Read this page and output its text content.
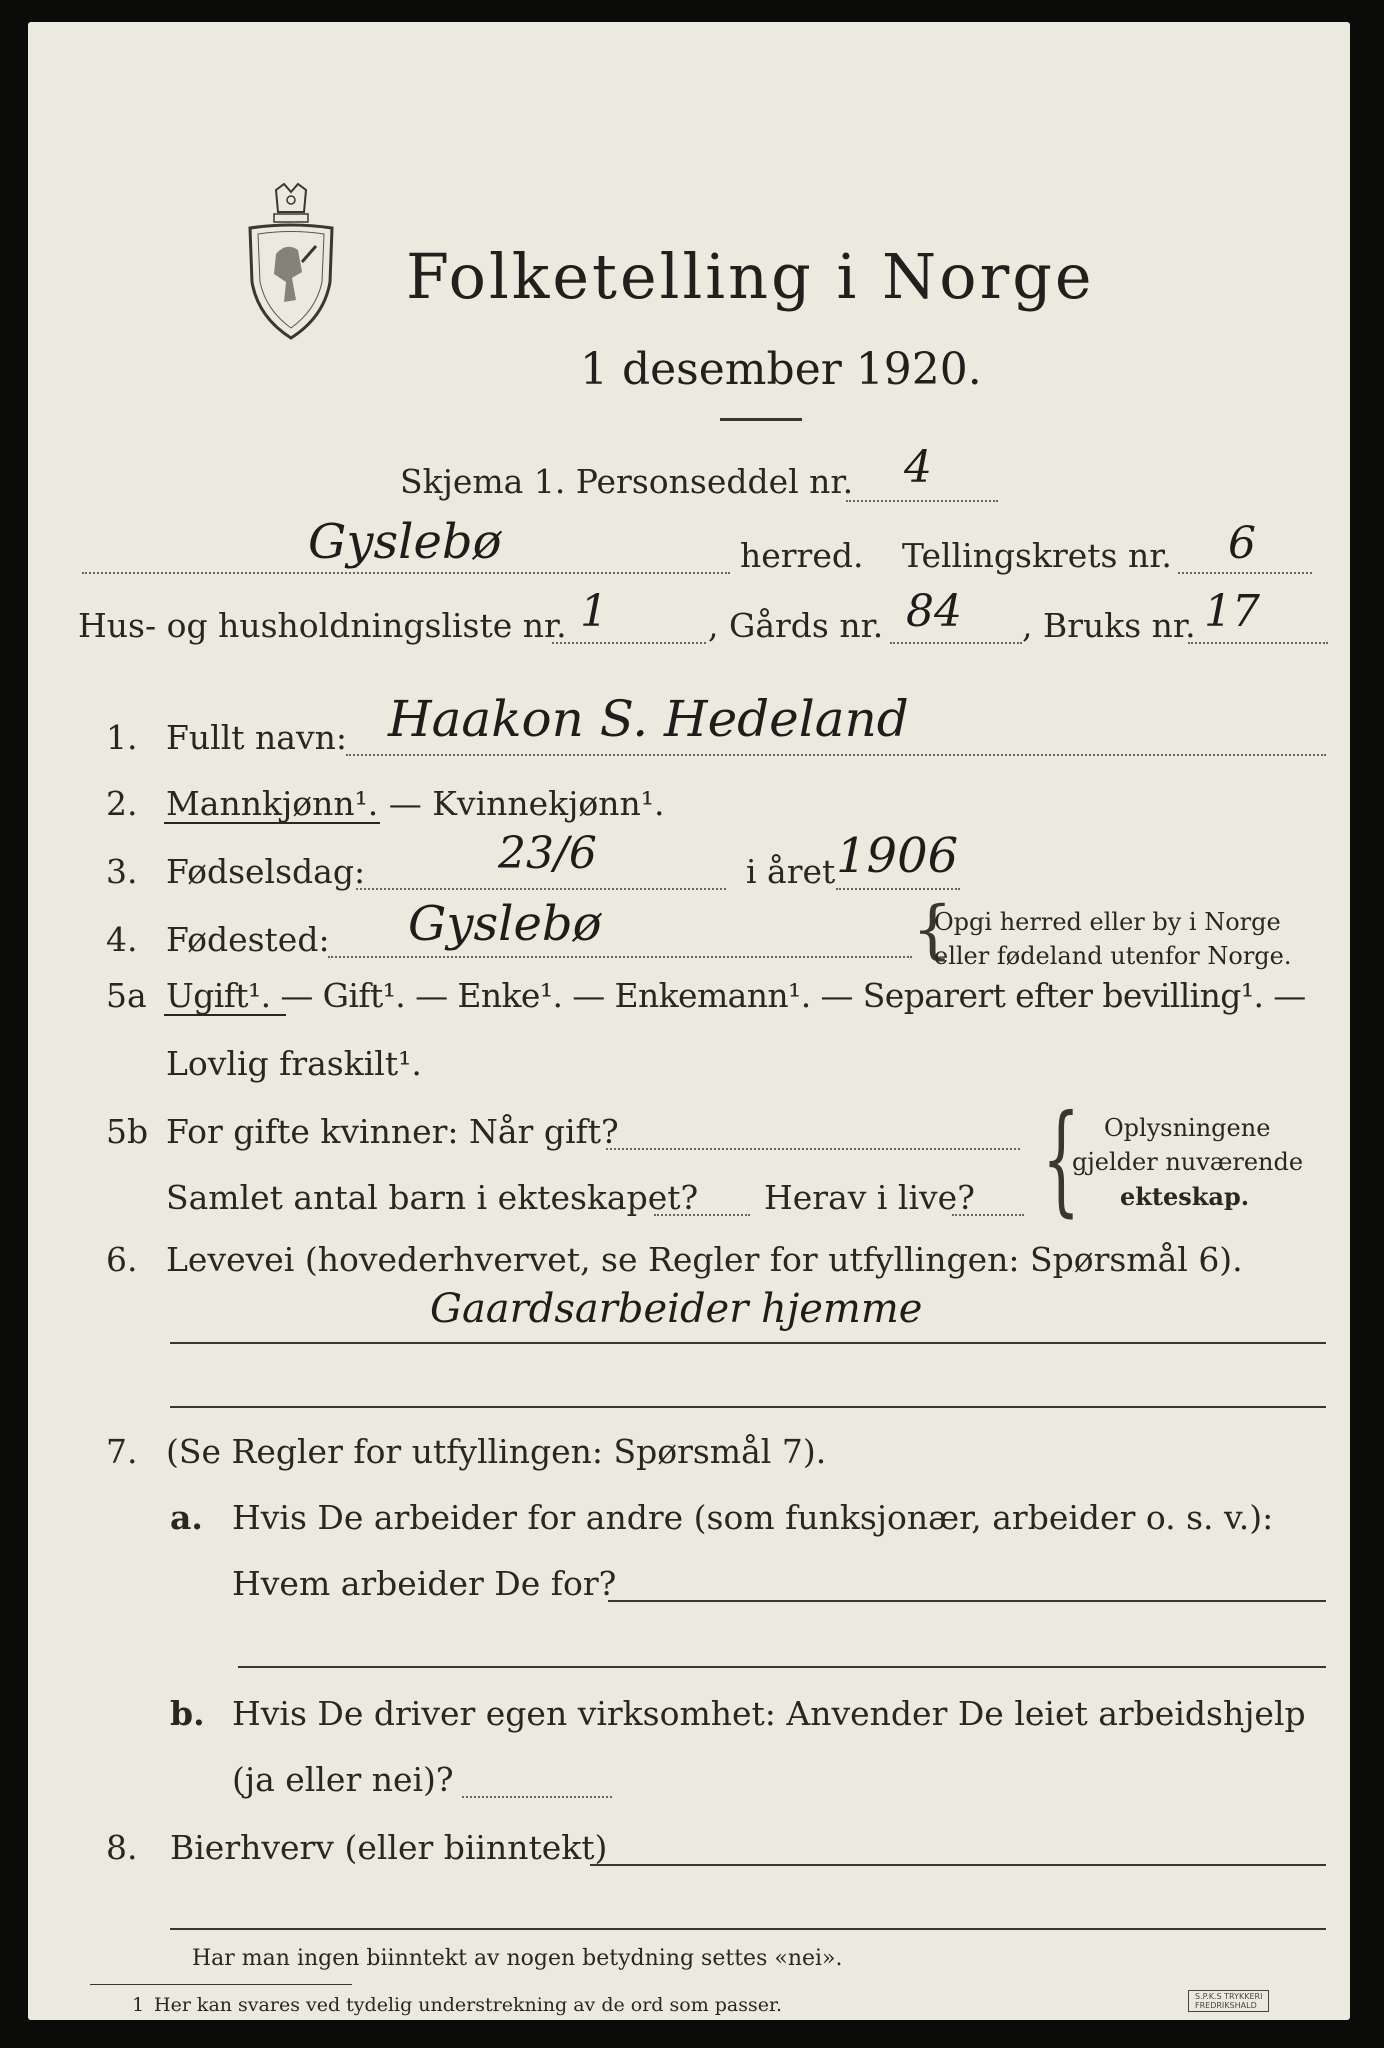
Folketelling i Norge
1 desember 1920.
Skjema 1. Personseddel nr. 4
Gyslebø	herred. Tellingskrets nr. 6
Hus- og husholdningsliste nr. 1	, Gårds nr. 84 , Bruks nr. 17
1. Fullt navn: Haakon S. Hedeland
2. Mannkjønn¹. — Kvinnekjønn¹.
3. Fødselsdag:	23/6	i året 1906
4. Fødested: Gyslebø	{
Opgi herred eller by i Norge
eller fødeland utenfor Norge.
5a Ugift¹. — Gift¹. — Enke¹. — Enkemann¹. — Separert efter bevilling¹. —
Lovlig fraskilt¹.
5b For gifte kvinner: Når gift?
Samlet antal barn i ekteskapet? Herav i live? { Oplysningene
gjelder nuværende
ekteskap.
6. Levevei (hovederhvervet, se Regler for utfyllingen: Spørsmål 6).
Gaardsarbeider hjemme
7. (Se Regler for utfyllingen: Spørsmål 7).
a. Hvis De arbeider for andre (som funksjonær, arbeider o. s. v.):
Hvem arbeider De for?
b. Hvis De driver egen virksomhet: Anvender De leiet arbeidshjelp
(ja eller nei)?
8. Bierhverv (eller biinntekt)
Har man ingen biinntekt av nogen betydning settes «nei».
1 Her kan svares ved tydelig understrekning av de ord som passer.	S.P.K.S TRYKKERI
FREDRIKSHALD
